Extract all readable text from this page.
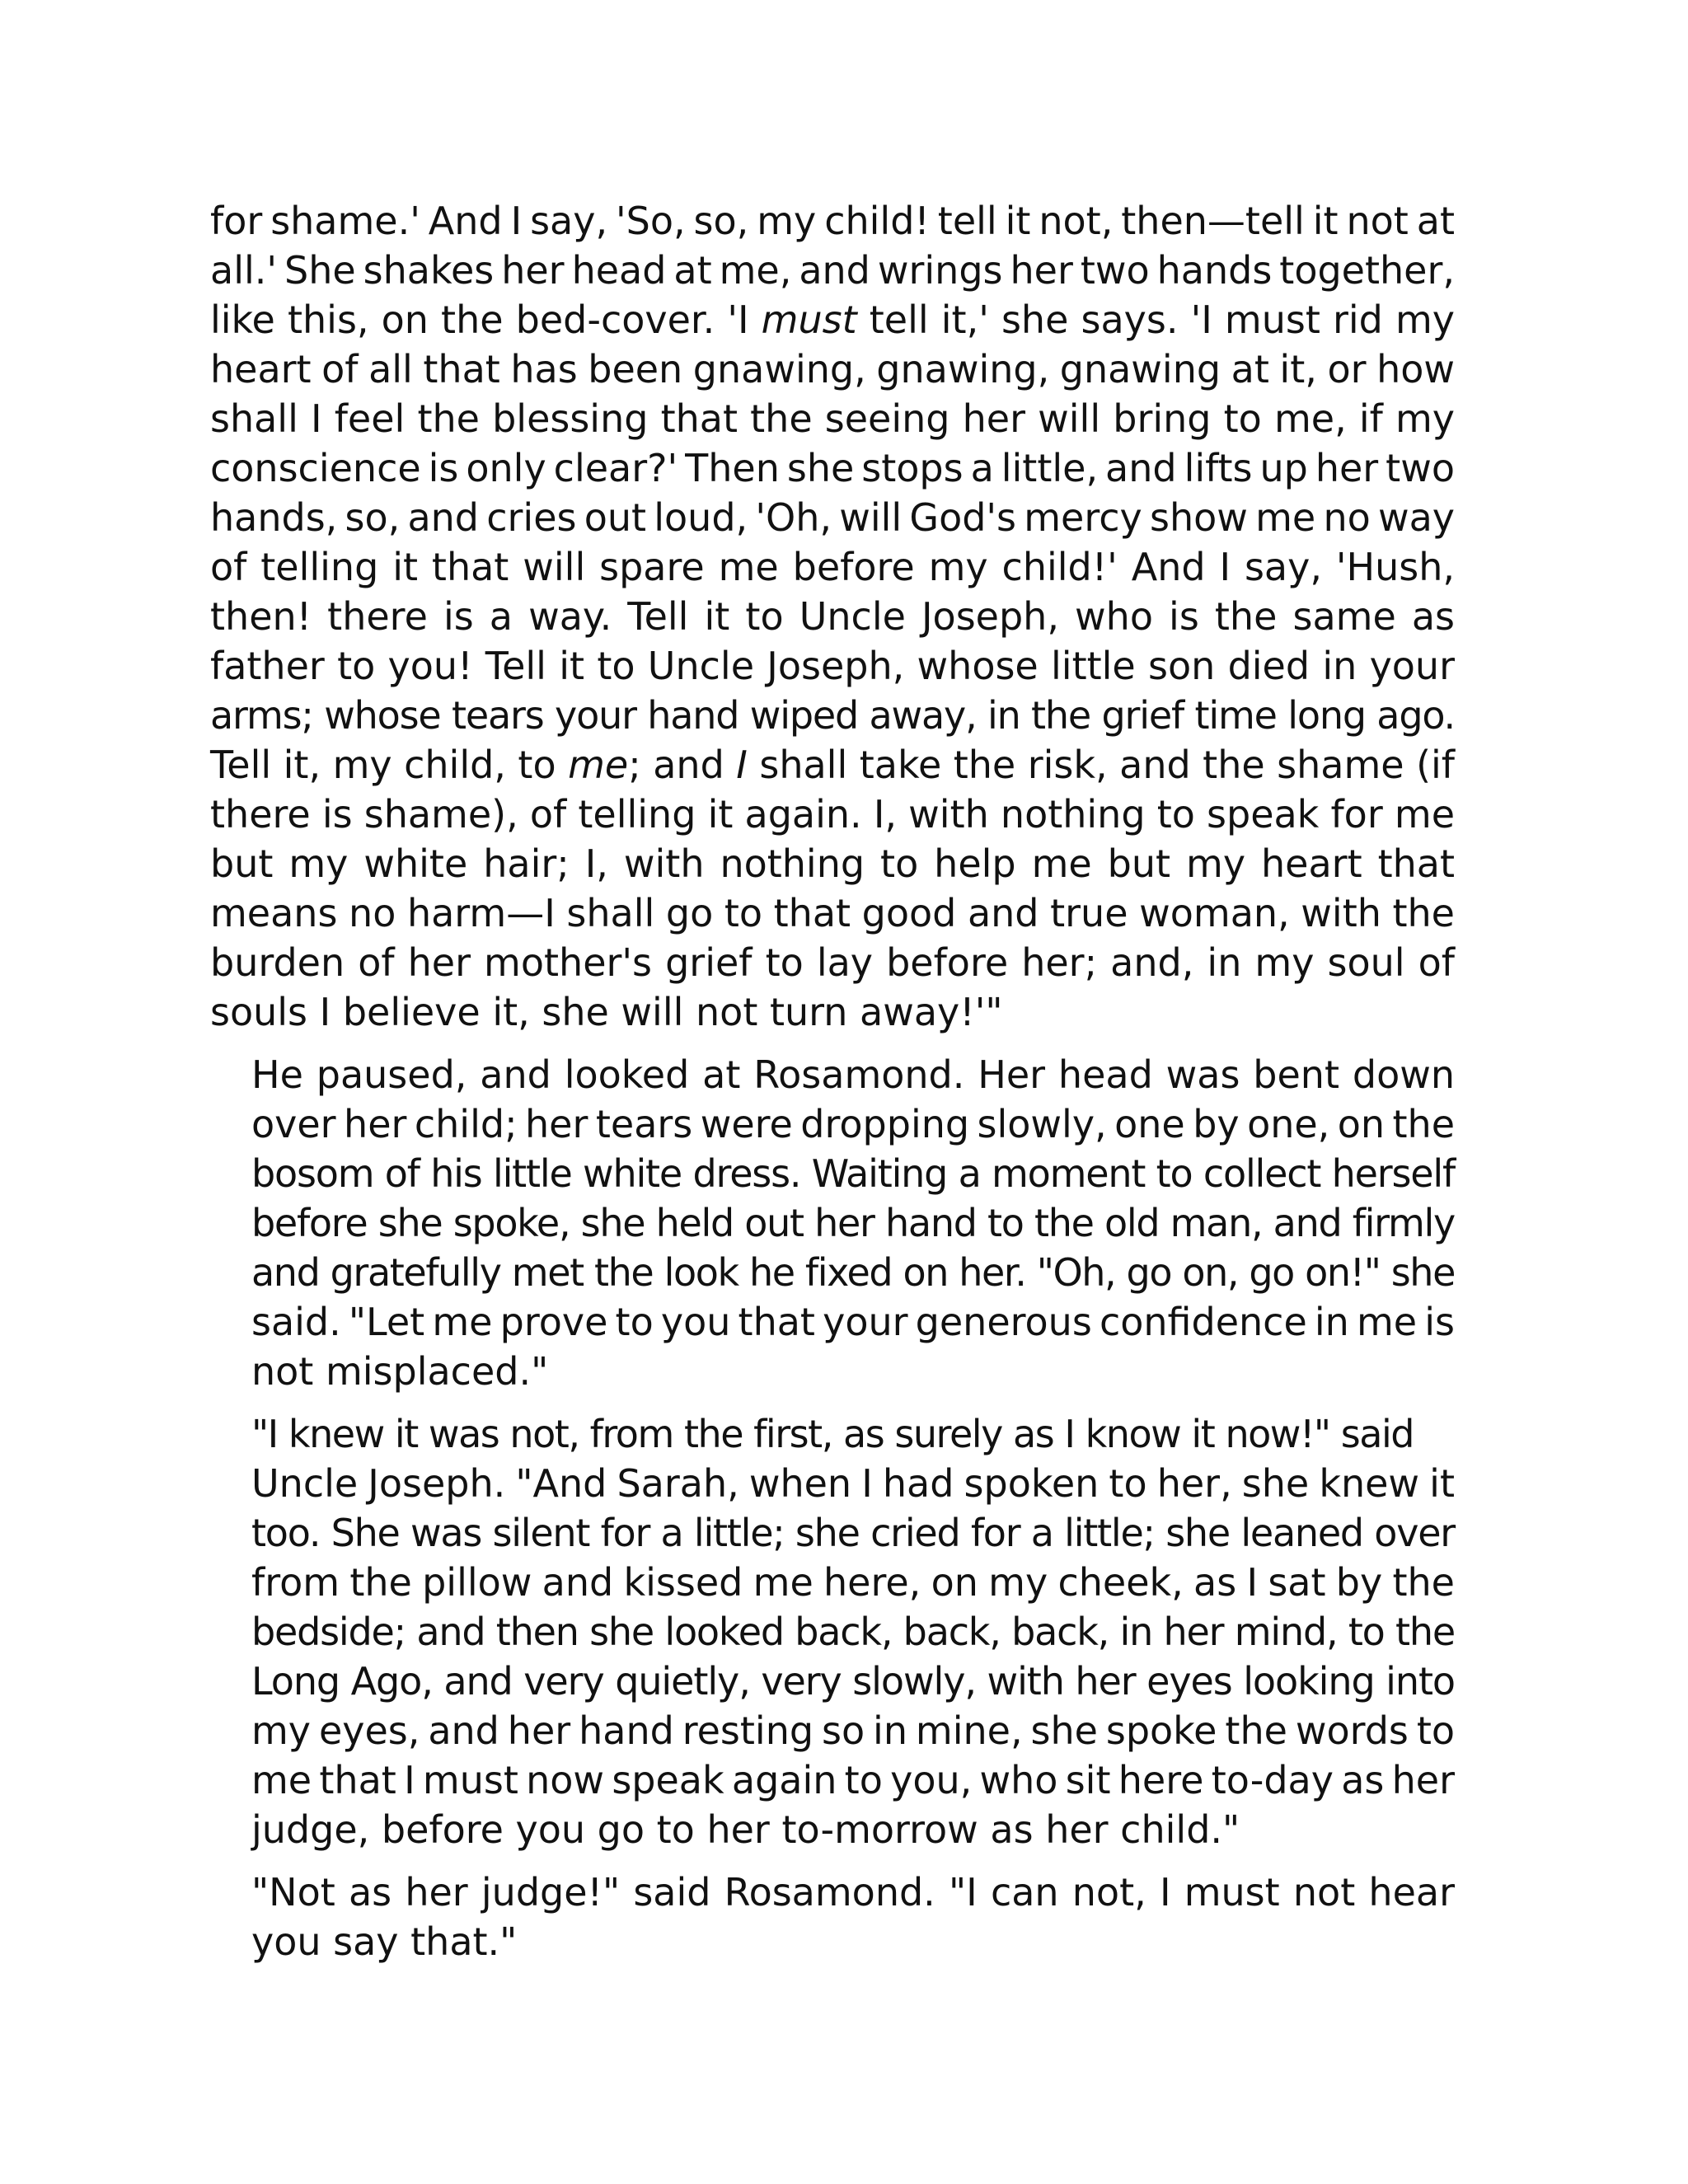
for shame.' And I say, 'So, so, my child! tell it not, then—tell it not at
all.' She shakes her head at me, and wrings her two hands together,
like this, on the bed-cover. 'I must tell it,' she says. 'I must rid my
heart of all that has been gnawing, gnawing, gnawing at it, or how
shall I feel the blessing that the seeing her will bring to me, if my
conscience is only clear?' Then she stops a little, and lifts up her two
hands, so, and cries out loud, 'Oh, will God's mercy show me no way
of telling it that will spare me before my child!' And I say, 'Hush,
then! there is a way. Tell it to Uncle Joseph, who is the same as
father to you! Tell it to Uncle Joseph, whose little son died in your
arms; whose tears your hand wiped away, in the grief time long ago.
Tell it, my child, to me; and I shall take the risk, and the shame (if
there is shame), of telling it again. I, with nothing to speak for me
but my white hair; I, with nothing to help me but my heart that
means no harm—I shall go to that good and true woman, with the
burden of her mother's grief to lay before her; and, in my soul of
souls I believe it, she will not turn away!'"
He paused, and looked at Rosamond. Her head was bent down
over her child; her tears were dropping slowly, one by one, on the
bosom of his little white dress. Waiting a moment to collect herself
before she spoke, she held out her hand to the old man, and firmly
and gratefully met the look he fixed on her. "Oh, go on, go on!" she
said. "Let me prove to you that your generous confidence in me is
not misplaced."
"I knew it was not, from the first, as surely as I know it now!" said
Uncle Joseph. "And Sarah, when I had spoken to her, she knew it
too. She was silent for a little; she cried for a little; she leaned over
from the pillow and kissed me here, on my cheek, as I sat by the
bedside; and then she looked back, back, back, in her mind, to the
Long Ago, and very quietly, very slowly, with her eyes looking into
my eyes, and her hand resting so in mine, she spoke the words to
me that I must now speak again to you, who sit here to-day as her
judge, before you go to her to-morrow as her child."
"Not as her judge!" said Rosamond. "I can not, I must not hear
you say that."
